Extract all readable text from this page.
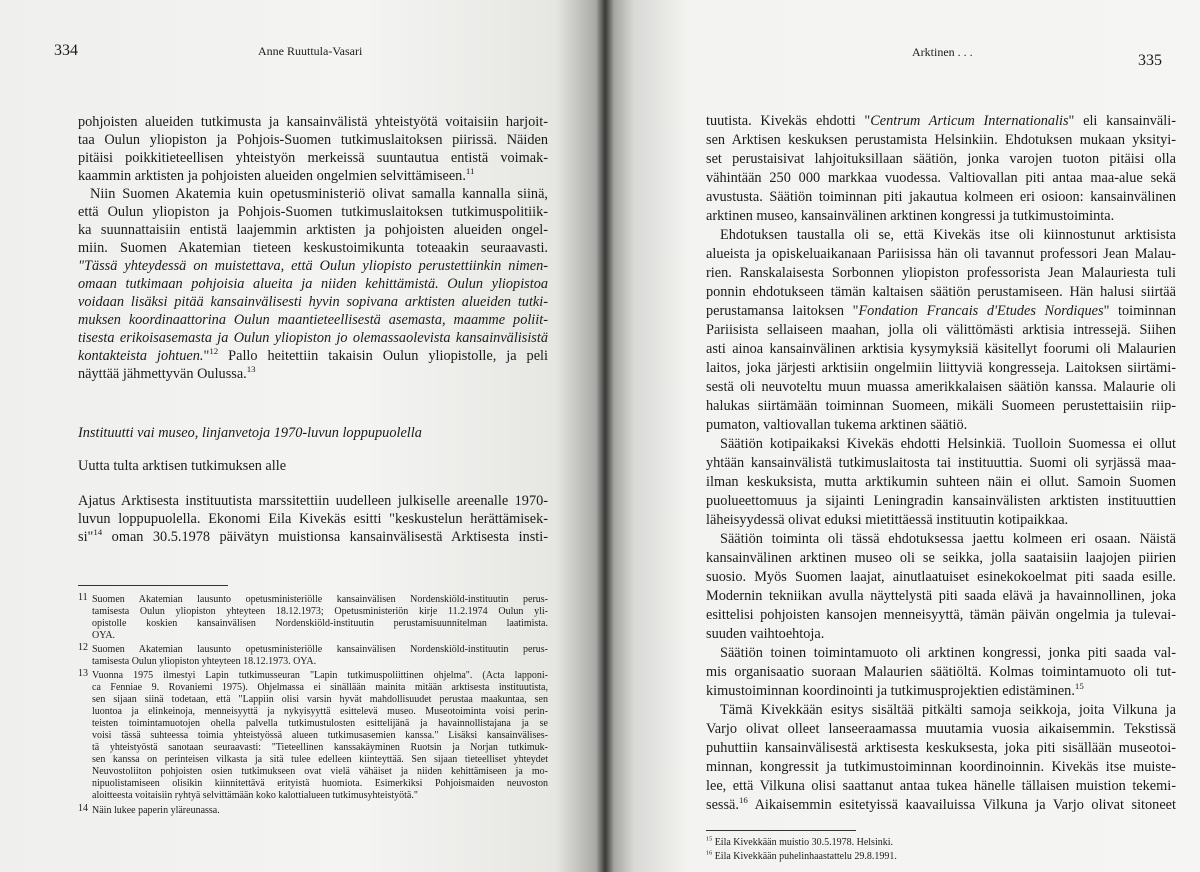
334	Anne Ruuttula-Vasari
pohjoisten alueiden tutkimusta ja kansainvälistä yhteistyötä voitaisiin harjoit-
taa Oulun yliopiston ja Pohjois-Suomen tutkimuslaitoksen piirissä. Näiden
pitäisi poikkitieteellisen yhteistyön merkeissä suuntautua entistä voimak-
kaammin arktisten ja pohjoisten alueiden ongelmien selvittämiseen.$^{11}$
Niin Suomen Akatemia kuin opetusministeriö olivat samalla kannalla siinä,
että Oulun yliopiston ja Pohjois-Suomen tutkimuslaitoksen tutkimuspolitiik-
ka suunnattaisiin entistä laajemmin arktisten ja pohjoisten alueiden ongel-
miin. Suomen Akatemian tieteen keskustoimikunta toteaakin seuraavasti.
"Tässä yhteydessä on muistettava, että Oulun yliopisto perustettiinkin nimen-
omaan tutkimaan pohjoisia alueita ja niiden kehittämistä. Oulun yliopistoa
voidaan lisäksi pitää kansainvälisesti hyvin sopivana arktisten alueiden tutki-
muksen koordinaattorina Oulun maantieteellisestä asemasta, maamme poliit-
tisesta erikoisasemasta ja Oulun yliopiston jo olemassaolevista kansainvälisistä
kontakteista johtuen."$^{12}$ Pallo heitettiin takaisin Oulun yliopistolle, ja peli
näyttää jähmettyvän Oulussa.$^{13}$
Instituutti vai museo, linjanvetoja 1970-luvun loppupuolella
Uutta tulta arktisen tutkimuksen alle
Ajatus Arktisesta instituutista marssitettiin uudelleen julkiselle areenalle 1970-
luvun loppupuolella. Ekonomi Eila Kivekäs esitti "keskustelun herättämisek-
si"$^{14}$ oman 30.5.1978 päivätyn muistionsa kansainvälisestä Arktisesta insti-
11 Suomen Akatemian lausunto opetusministeriölle kansainvälisen Nordenskiöld-instituutin perus-
tamisesta Oulun yliopiston yhteyteen 18.12.1973; Opetusministeriön kirje 11.2.1974 Oulun yli-
opistolle koskien kansainvälisen Nordenskiöld-instituutin perustamisuunnitelman laatimista.
OYA.
12 Suomen Akatemian lausunto opetusministeriölle kansainvälisen Nordenskiöld-instituutin perus-
tamisesta Oulun yliopiston yhteyteen 18.12.1973. OYA.
13 Vuonna 1975 ilmestyi Lapin tutkimusseuran "Lapin tutkimuspoliittinen ohjelma". (Acta lapponi-
ca Fenniae 9. Rovaniemi 1975). Ohjelmassa ei sinällään mainita mitään arktisesta instituutista,
sen sijaan siinä todetaan, että "Lappiin olisi varsin hyvät mahdollisuudet perustaa maakuntaa, sen
luontoa ja elinkeinoja, menneisyyttä ja nykyisyyttä esittelevä museo. Museotoiminta voisi perin-
teisten toimintamuotojen ohella palvella tutkimustulosten esittelijänä ja havainnollistajana ja se
voisi tässä suhteessa toimia yhteistyössä alueen tutkimusasemien kanssa." Lisäksi kansainvälises-
tä yhteistyöstä sanotaan seuraavasti: "Tieteellinen kanssakäyminen Ruotsin ja Norjan tutkimuk-
sen kanssa on perinteisen vilkasta ja sitä tulee edelleen kiinteyttää. Sen sijaan tieteelliset yhteydet
Neuvostoliiton pohjoisten osien tutkimukseen ovat vielä vähäiset ja niiden kehittämiseen ja mo-
nipuolistamiseen olisikin kiinnitettävä erityistä huomiota. Esimerkiksi Pohjoismaiden neuvoston
aloitteesta voitaisiin ryhtyä selvittämään koko kalottialueen tutkimusyhteistyötä."
14 Näin lukee paperin yläreunassa.
Arktinen . . .	335
tuutista. Kivekäs ehdotti "Centrum Articum Internationalis" eli kansainväli-
sen Arktisen keskuksen perustamista Helsinkiin. Ehdotuksen mukaan yksityi-
set perustaisivat lahjoituksillaan säätiön, jonka varojen tuoton pitäisi olla
vähintään 250 000 markkaa vuodessa. Valtiovallan piti antaa maa-alue sekä
avustusta. Säätiön toiminnan piti jakautua kolmeen eri osioon: kansainvälinen
arktinen museo, kansainvälinen arktinen kongressi ja tutkimustoiminta.
Ehdotuksen taustalla oli se, että Kivekäs itse oli kiinnostunut arktisista
alueista ja opiskeluaikanaan Pariisissa hän oli tavannut professori Jean Malau-
rien. Ranskalaisesta Sorbonnen yliopiston professorista Jean Malauriesta tuli
ponnin ehdotukseen tämän kaltaisen säätiön perustamiseen. Hän halusi siirtää
perustamansa laitoksen "Fondation Francais d'Etudes Nordiques" toiminnan
Pariisista sellaiseen maahan, jolla oli välittömästi arktisia intressejä. Siihen
asti ainoa kansainvälinen arktisia kysymyksiä käsitellyt foorumi oli Malaurien
laitos, joka järjesti arktisiin ongelmiin liittyviä kongresseja. Laitoksen siirtämi-
sestä oli neuvoteltu muun muassa amerikkalaisen säätiön kanssa. Malaurie oli
halukas siirtämään toiminnan Suomeen, mikäli Suomeen perustettaisiin riip-
pumaton, valtiovallan tukema arktinen säätiö.
Säätiön kotipaikaksi Kivekäs ehdotti Helsinkiä. Tuolloin Suomessa ei ollut
yhtään kansainvälistä tutkimuslaitosta tai instituuttia. Suomi oli syrjässä maa-
ilman keskuksista, mutta arktikumin suhteen näin ei ollut. Samoin Suomen
puolueettomuus ja sijainti Leningradin kansainvälisten arktisten instituuttien
läheisyydessä olivat eduksi mietittäessä instituutin kotipaikkaa.
Säätiön toiminta oli tässä ehdotuksessa jaettu kolmeen eri osaan. Näistä
kansainvälinen arktinen museo oli se seikka, jolla saataisiin laajojen piirien
suosio. Myös Suomen laajat, ainutlaatuiset esinekokoelmat piti saada esille.
Modernin tekniikan avulla näyttelystä piti saada elävä ja havainnollinen, joka
esittelisi pohjoisten kansojen menneisyyttä, tämän päivän ongelmia ja tulevai-
suuden vaihtoehtoja.
Säätiön toinen toimintamuoto oli arktinen kongressi, jonka piti saada val-
mis organisaatio suoraan Malaurien säätiöltä. Kolmas toimintamuoto oli tut-
kimustoiminnan koordinointi ja tutkimusprojektien edistäminen.$^{15}$
Tämä Kivekkään esitys sisältää pitkälti samoja seikkoja, joita Vilkuna ja
Varjo olivat olleet lanseeraamassa muutamia vuosia aikaisemmin. Tekstissä
puhuttiin kansainvälisestä arktisesta keskuksesta, joka piti sisällään museotoi-
minnan, kongressit ja tutkimustoiminnan koordinoinnin. Kivekäs itse muiste-
lee, että Vilkuna olisi saattanut antaa tukea hänelle tällaisen muistion tekemi-
sessä.$^{16}$ Aikaisemmin esitetyissä kaavailuissa Vilkuna ja Varjo olivat sitoneet
$^{15}$ Eila Kivekkään muistio 30.5.1978. Helsinki.
$^{16}$ Eila Kivekkään puhelinhaastattelu 29.8.1991.
